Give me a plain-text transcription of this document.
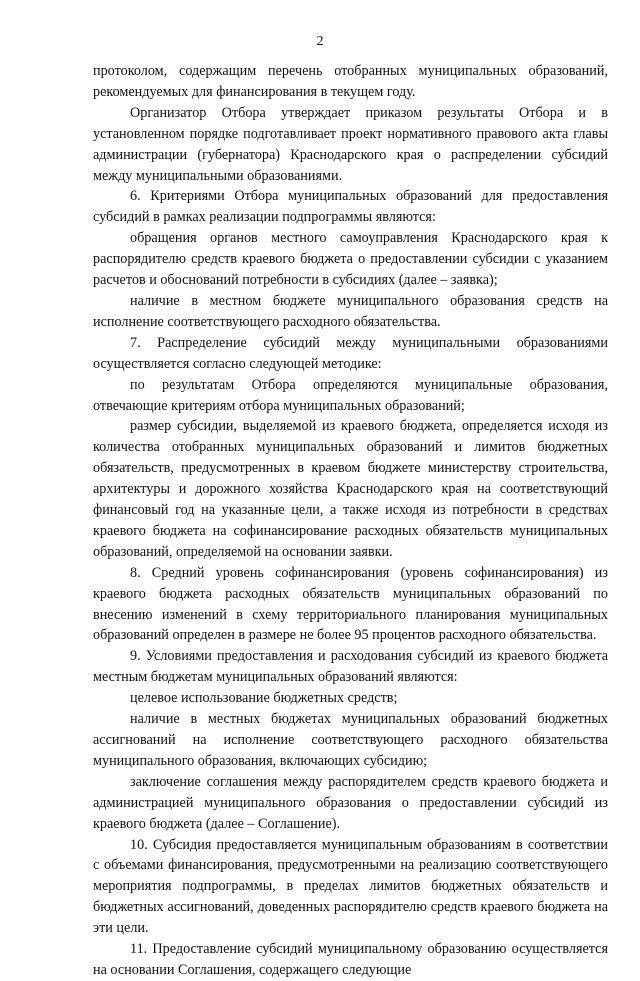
2

протоколом, содержащим перечень отобранных муниципальных образований, рекомендуемых для финансирования в текущем году.

Организатор Отбора утверждает приказом результаты Отбора и в установленном порядке подготавливает проект нормативного правового акта главы администрации (губернатора) Краснодарского края о распределении субсидий между муниципальными образованиями.

6. Критериями Отбора муниципальных образований для предоставления субсидий в рамках реализации подпрограммы являются:

обращения органов местного самоуправления Краснодарского края к распорядителю средств краевого бюджета о предоставлении субсидии с указанием расчетов и обоснований потребности в субсидиях (далее – заявка);

наличие в местном бюджете муниципального образования средств на исполнение соответствующего расходного обязательства.

7. Распределение субсидий между муниципальными образованиями осуществляется согласно следующей методике:

по результатам Отбора определяются муниципальные образования, отвечающие критериям отбора муниципальных образований;

размер субсидии, выделяемой из краевого бюджета, определяется исходя из количества отобранных муниципальных образований и лимитов бюджетных обязательств, предусмотренных в краевом бюджете министерству строительства, архитектуры и дорожного хозяйства Краснодарского края на соответствующий финансовый год на указанные цели, а также исходя из потребности в средствах краевого бюджета на софинансирование расходных обязательств муниципальных образований, определяемой на основании заявки.

8. Средний уровень софинансирования (уровень софинансирования) из краевого бюджета расходных обязательств муниципальных образований по внесению изменений в схему территориального планирования муниципальных образований определен в размере не более 95 процентов расходного обязательства.

9. Условиями предоставления и расходования субсидий из краевого бюджета местным бюджетам муниципальных образований являются:

целевое использование бюджетных средств;

наличие в местных бюджетах муниципальных образований бюджетных ассигнований на исполнение соответствующего расходного обязательства муниципального образования, включающих субсидию;

заключение соглашения между распорядителем средств краевого бюджета и администрацией муниципального образования о предоставлении субсидий из краевого бюджета (далее – Соглашение).

10. Субсидия предоставляется муниципальным образованиям в соответствии с объемами финансирования, предусмотренными на реализацию соответствующего мероприятия подпрограммы, в пределах лимитов бюджетных обязательств и бюджетных ассигнований, доведенных распорядителю средств краевого бюджета на эти цели.

11. Предоставление субсидий муниципальному образованию осуществляется на основании Соглашения, содержащего следующие
